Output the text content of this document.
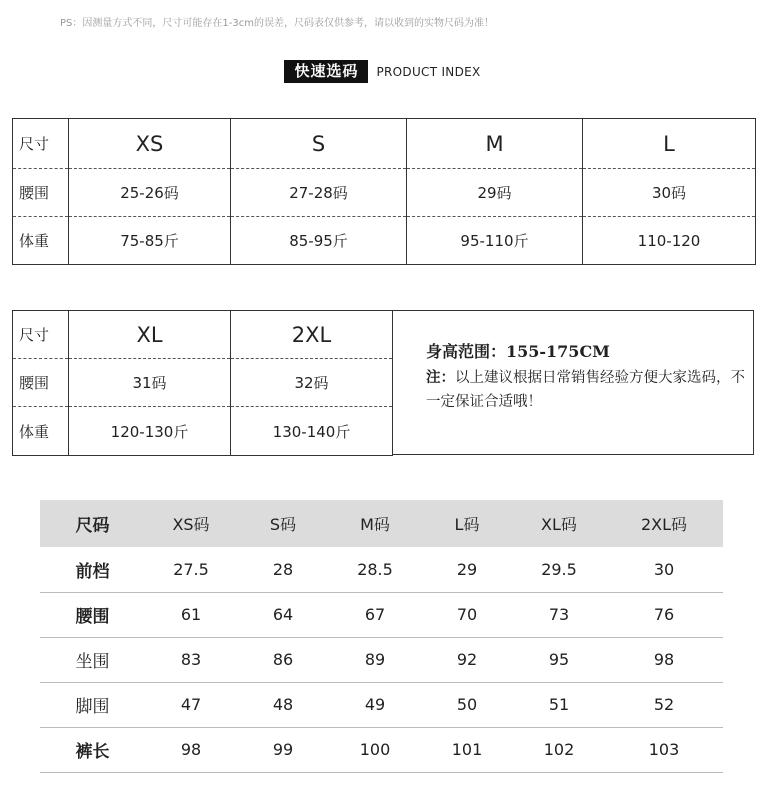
PS：因测量方式不同，尺寸可能存在1-3cm的误差，尺码表仅供参考，请以收到的实物尺码为准！
快速选码	PRODUCT INDEX
尺寸	XS	S	M	L
腰围	25-26码	27-28码	29码	30码
体重	75-85斤	85-95斤	95-110斤	110-120
尺寸	XL	2XL
腰围	31码	32码
体重	120-130斤	130-140斤
身高范围：155-175CM
注：以上建议根据日常销售经验方便大家选码，不一定保证合适哦！
尺码	XS码	S码	M码	L码	XL码	2XL码
前档	27.5	28	28.5	29	29.5	30
腰围	61	64	67	70	73	76
坐围	83	86	89	92	95	98
脚围	47	48	49	50	51	52
裤长	98	99	100	101	102	103
